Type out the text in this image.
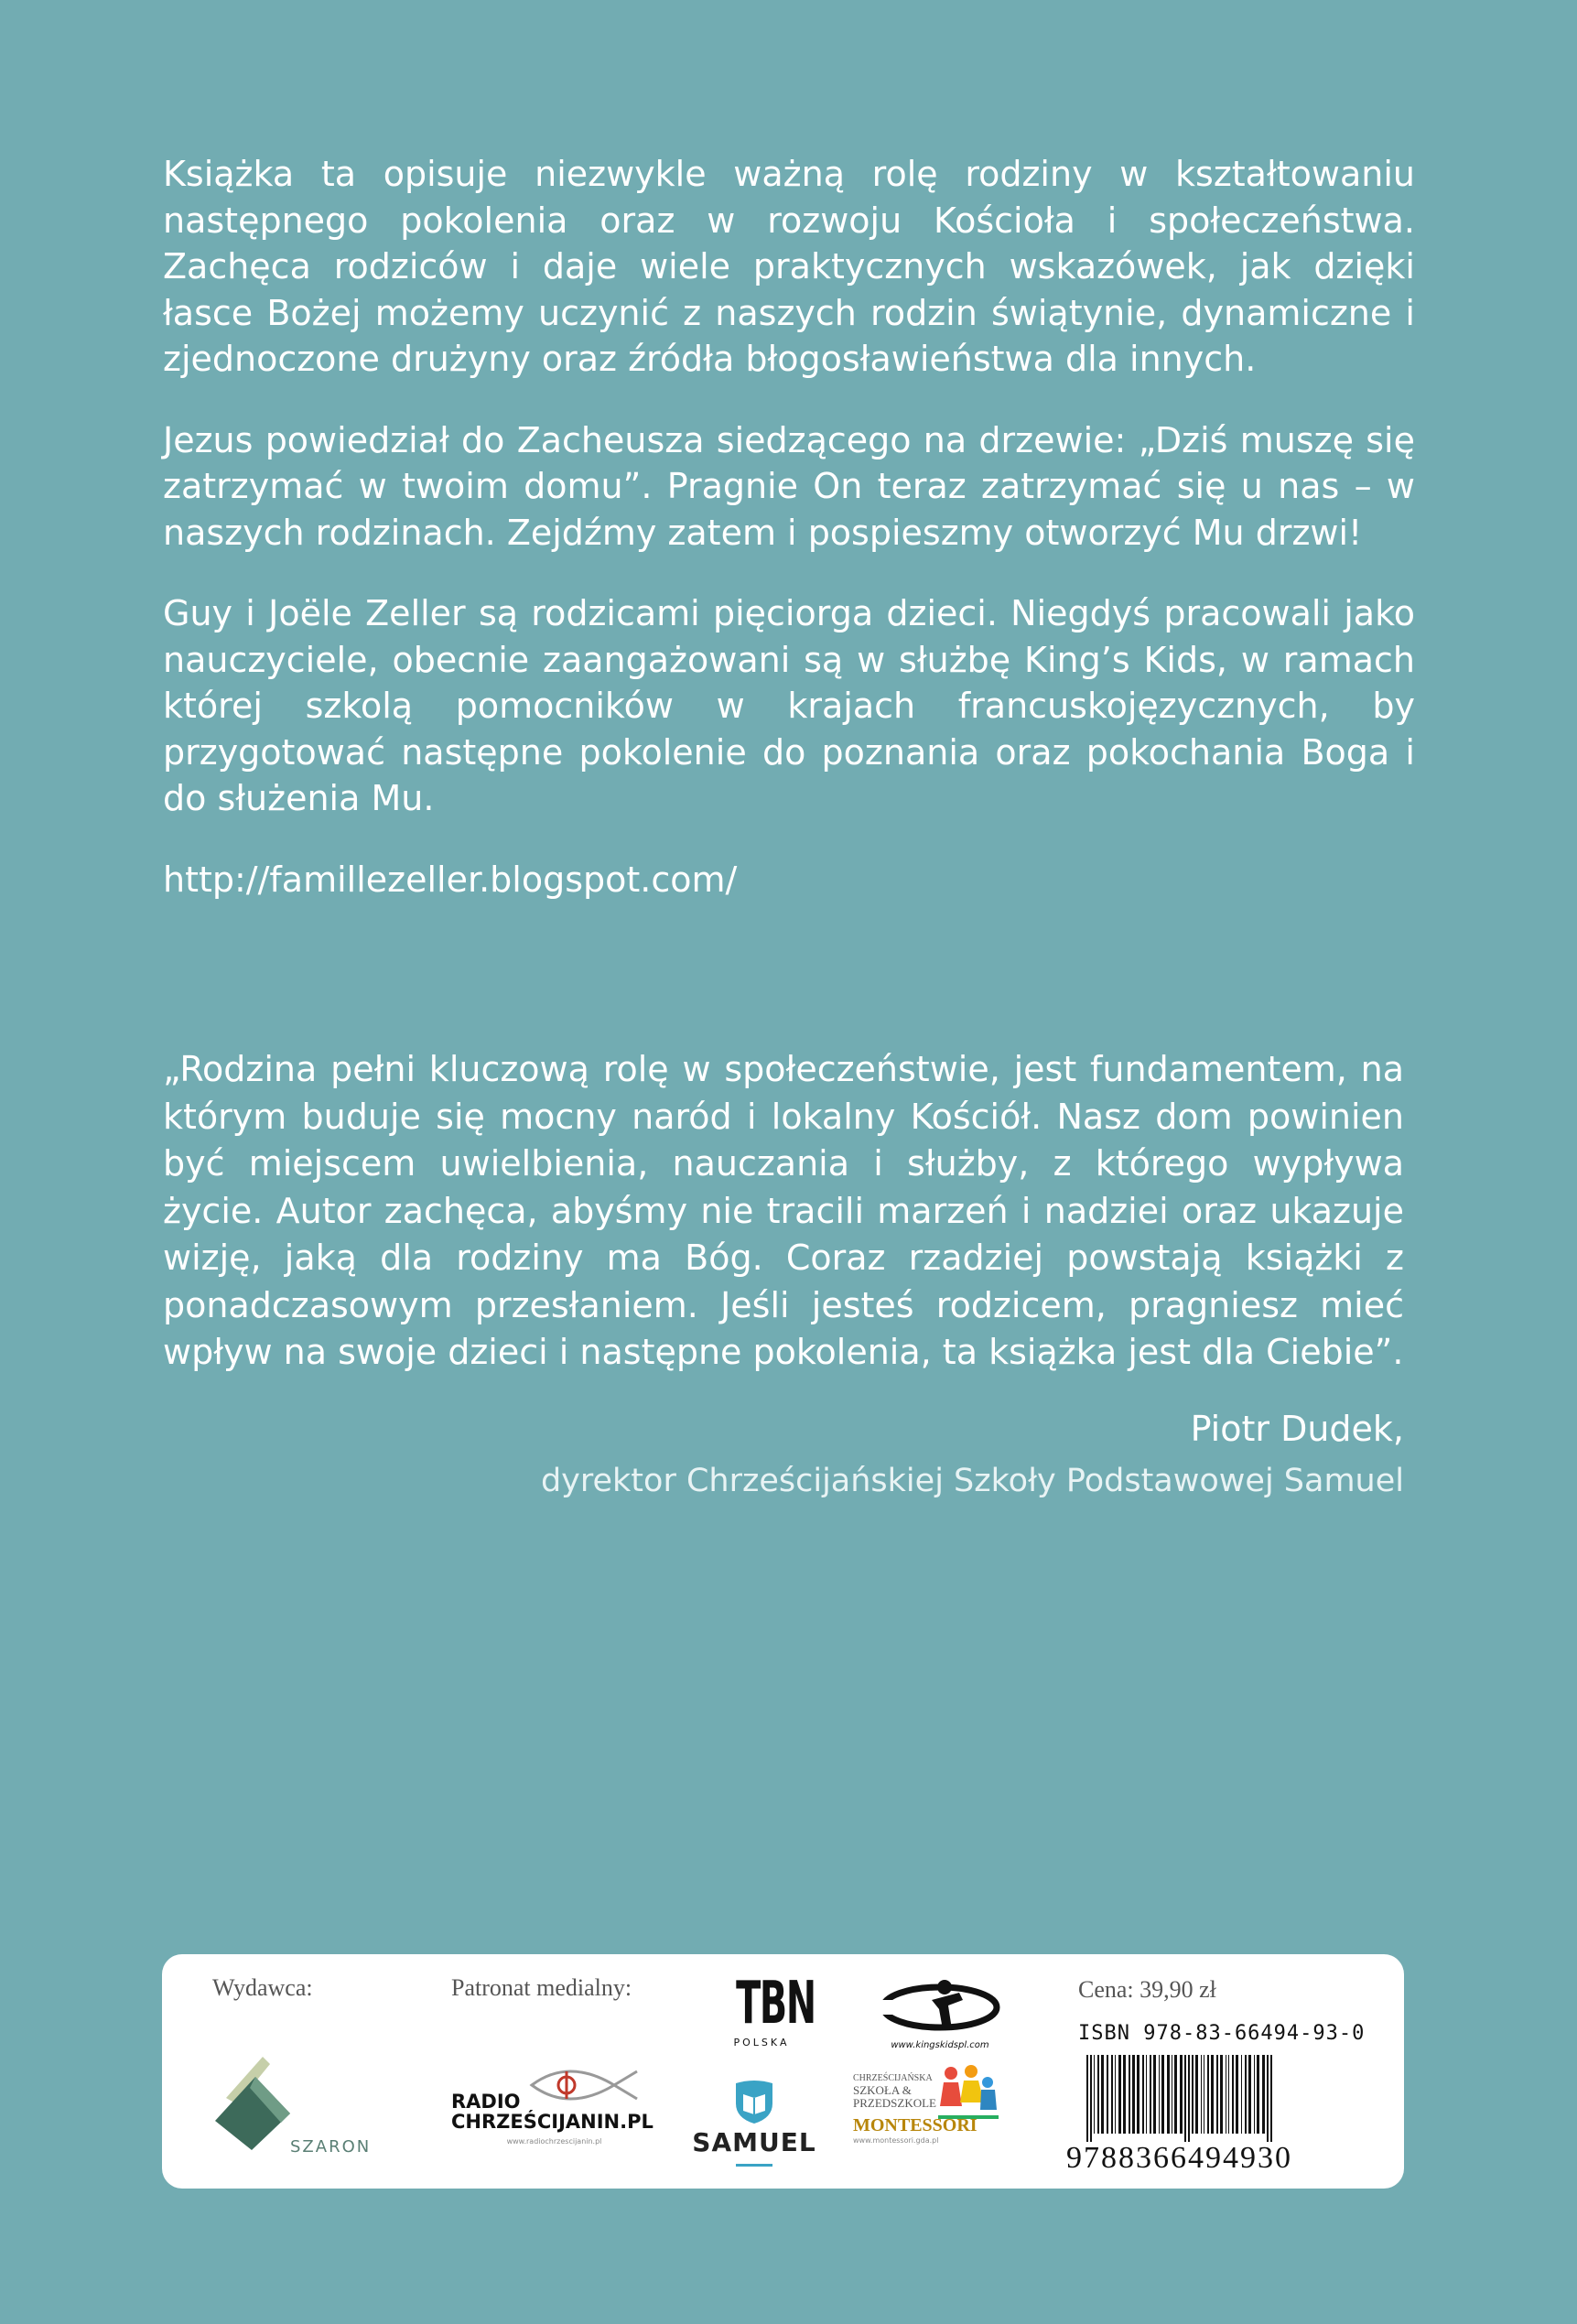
Książka ta opisuje niezwykle ważną rolę rodziny w kształtowaniu następnego pokolenia oraz w rozwoju Kościoła i społeczeństwa. Zachęca rodziców i daje wiele praktycznych wskazówek, jak dzięki łasce Bożej możemy uczynić z naszych rodzin świątynie, dynamiczne i zjednoczone drużyny oraz źródła błogosławieństwa dla innych.

Jezus powiedział do Zacheusza siedzącego na drzewie: „Dziś muszę się zatrzymać w twoim domu”. Pragnie On teraz zatrzymać się u nas – w naszych rodzinach. Zejdźmy zatem i pospieszmy otworzyć Mu drzwi!

Guy i Joële Zeller są rodzicami pięciorga dzieci. Niegdyś pracowali jako nauczyciele, obecnie zaangażowani są w służbę King’s Kids, w ramach której szkolą pomocników w krajach francuskojęzycznych, by przygotować następne pokolenie do poznania oraz pokochania Boga i do służenia Mu.

http://famillezeller.blogspot.com/

„Rodzina pełni kluczową rolę w społeczeństwie, jest fundamentem, na którym buduje się mocny naród i lokalny Kościół. Nasz dom powinien być miejscem uwielbienia, nauczania i służby, z którego wypływa życie. Autor zachęca, abyśmy nie tracili marzeń i nadziei oraz ukazuje wizję, jaką dla rodziny ma Bóg. Coraz rzadziej powstają książki z ponadczasowym przesłaniem. Jeśli jesteś rodzicem, pragniesz mieć wpływ na swoje dzieci i następne pokolenia, ta książka jest dla Ciebie”.

Piotr Dudek,
dyrektor Chrześcijańskiej Szkoły Podstawowej Samuel
Wydawca:
SZARON
Patronat medialny: TBN
POLSKA	www.kingskidspl.com
RADIO
CHRZEŚCIJANIN.PL
www.radiochrzescijanin.pl	SAMUEL
CHRZEŚCIJAŃSKA
SZKOŁA & PRZEDSZKOLE
MONTESSORI
www.montessori.gda.pl
Cena: 39,90 zł
ISBN 978-83-66494-93-0
9788366494930
